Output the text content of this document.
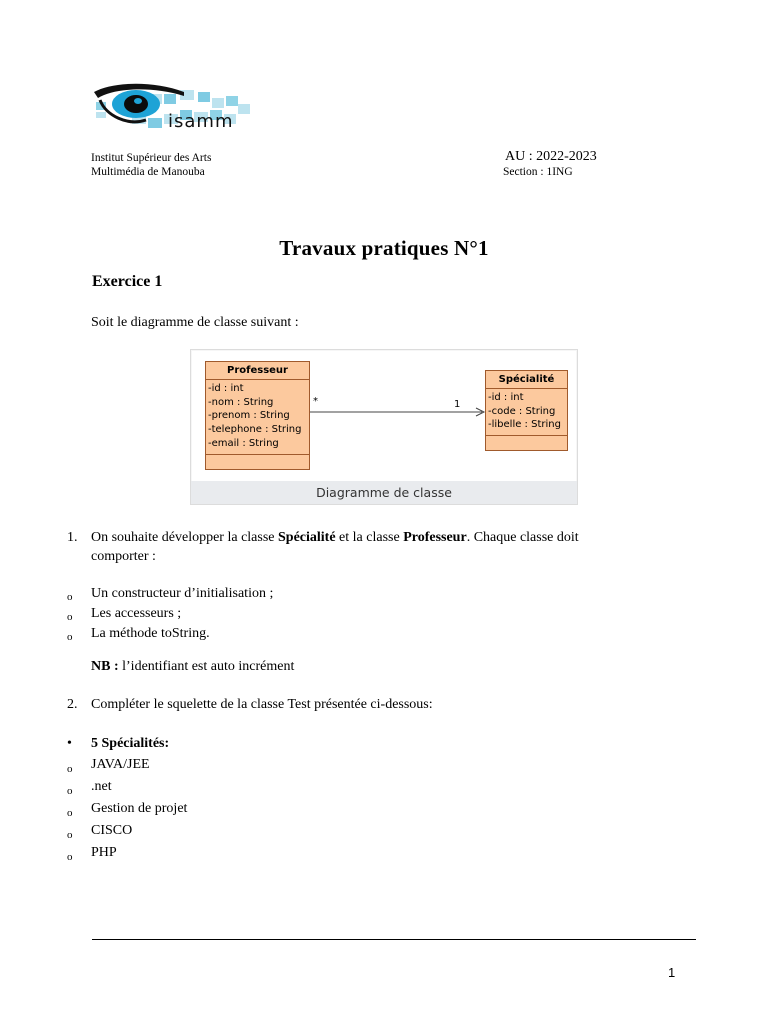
isamm
Institut Supérieur des Arts
Multimédia de Manouba
AU : 2022-2023
Section : 1ING
Travaux pratiques N°1
Exercice 1
Soit le diagramme de classe suivant :
Professeur
-id : int
-nom : String
-prenom : String
-telephone : String
-email : String
Spécialité
-id : int
-code : String
-libelle : String
*	1
Diagramme de classe
1. On souhaite développer la classe Spécialité et la classe Professeur. Chaque classe doit
comporter :
o Un constructeur d’initialisation ;
o Les accesseurs ;
o La méthode toString.
NB : l’identifiant est auto incrément
2. Compléter le squelette de la classe Test présentée ci-dessous:
• 5 Spécialités:
o JAVA/JEE
o .net
o Gestion de projet
o CISCO
o PHP
1
